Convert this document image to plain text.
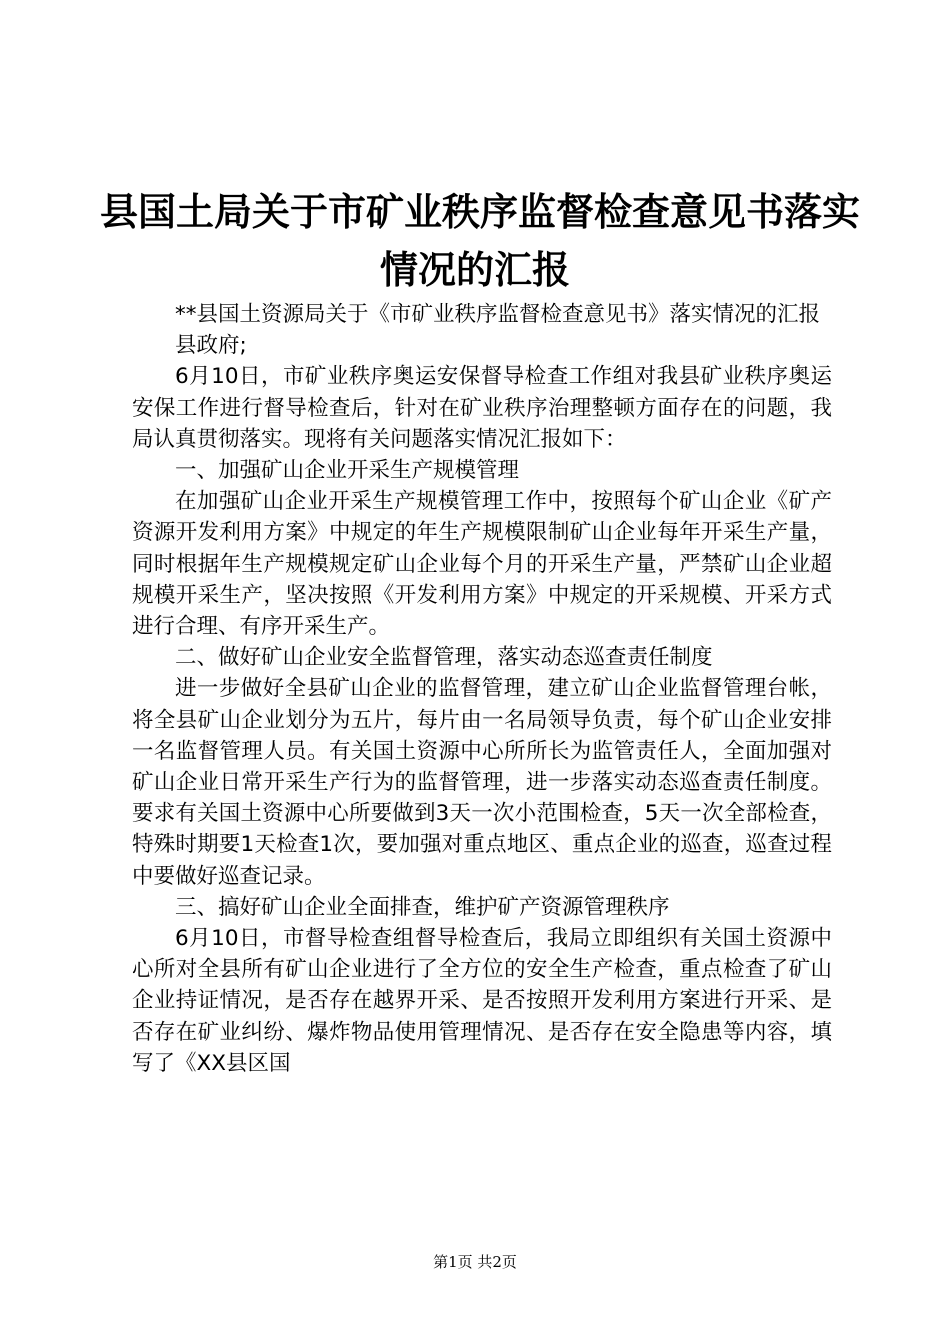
县国土局关于市矿业秩序监督检查意见书落实
情况的汇报

**县国土资源局关于《市矿业秩序监督检查意见书》落实情况的汇报

县政府;

6月10日，市矿业秩序奥运安保督导检查工作组对我县矿业秩序奥运安保工作进行督导检查后，针对在矿业秩序治理整顿方面存在的问题，我局认真贯彻落实。现将有关问题落实情况汇报如下：

一、加强矿山企业开采生产规模管理

在加强矿山企业开采生产规模管理工作中，按照每个矿山企业《矿产资源开发利用方案》中规定的年生产规模限制矿山企业每年开采生产量，同时根据年生产规模规定矿山企业每个月的开采生产量，严禁矿山企业超规模开采生产，坚决按照《开发利用方案》中规定的开采规模、开采方式进行合理、有序开采生产。

二、做好矿山企业安全监督管理，落实动态巡查责任制度

进一步做好全县矿山企业的监督管理，建立矿山企业监督管理台帐，将全县矿山企业划分为五片，每片由一名局领导负责，每个矿山企业安排一名监督管理人员。有关国土资源中心所所长为监管责任人，全面加强对矿山企业日常开采生产行为的监督管理，进一步落实动态巡查责任制度。要求有关国土资源中心所要做到3天一次小范围检查，5天一次全部检查，特殊时期要1天检查1次，要加强对重点地区、重点企业的巡查，巡查过程中要做好巡查记录。

三、搞好矿山企业全面排查，维护矿产资源管理秩序

6月10日，市督导检查组督导检查后，我局立即组织有关国土资源中心所对全县所有矿山企业进行了全方位的安全生产检查，重点检查了矿山企业持证情况，是否存在越界开采、是否按照开发利用方案进行开采、是否存在矿业纠纷、爆炸物品使用管理情况、是否存在安全隐患等内容，填写了《XX县区国

第1页 共2页
